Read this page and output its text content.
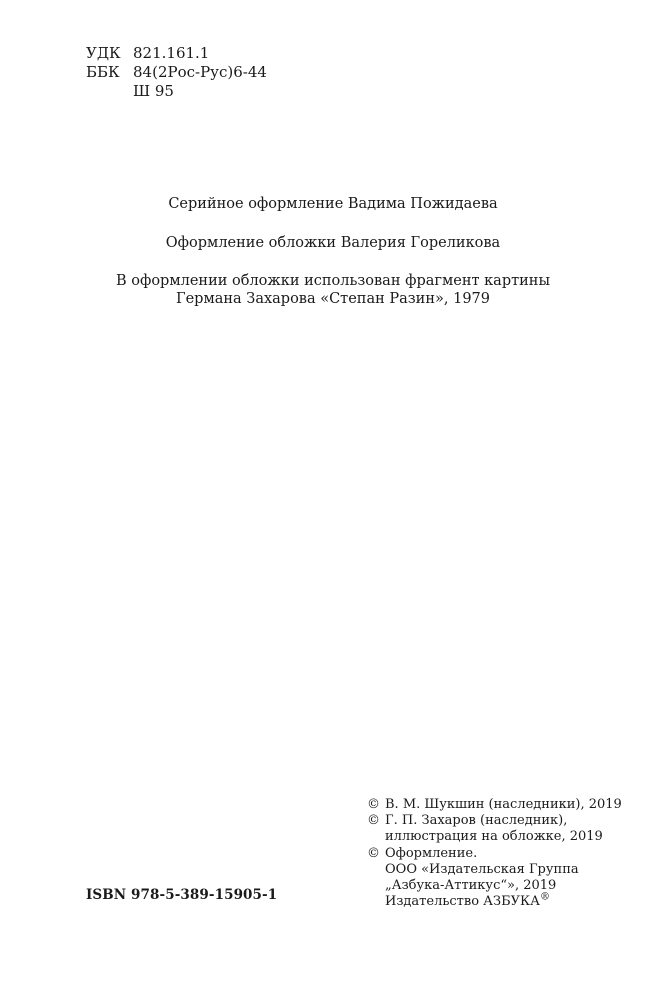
УДК 821.161.1
ББК 84(2Рос-Рус)6-44
Ш 95
Серийное оформление Вадима Пожидаева
Оформление обложки Валерия Гореликова
В оформлении обложки использован фрагмент картины
Германа Захарова «Степан Разин», 1979
ISBN 978-5-389-15905-1
© В. М. Шукшин (наследники), 2019
© Г. П. Захаров (наследник),
иллюстрация на обложке, 2019
© Оформление.
ООО «Издательская Группа
„Азбука-Аттикус“», 2019
Издательство АЗБУКА®
